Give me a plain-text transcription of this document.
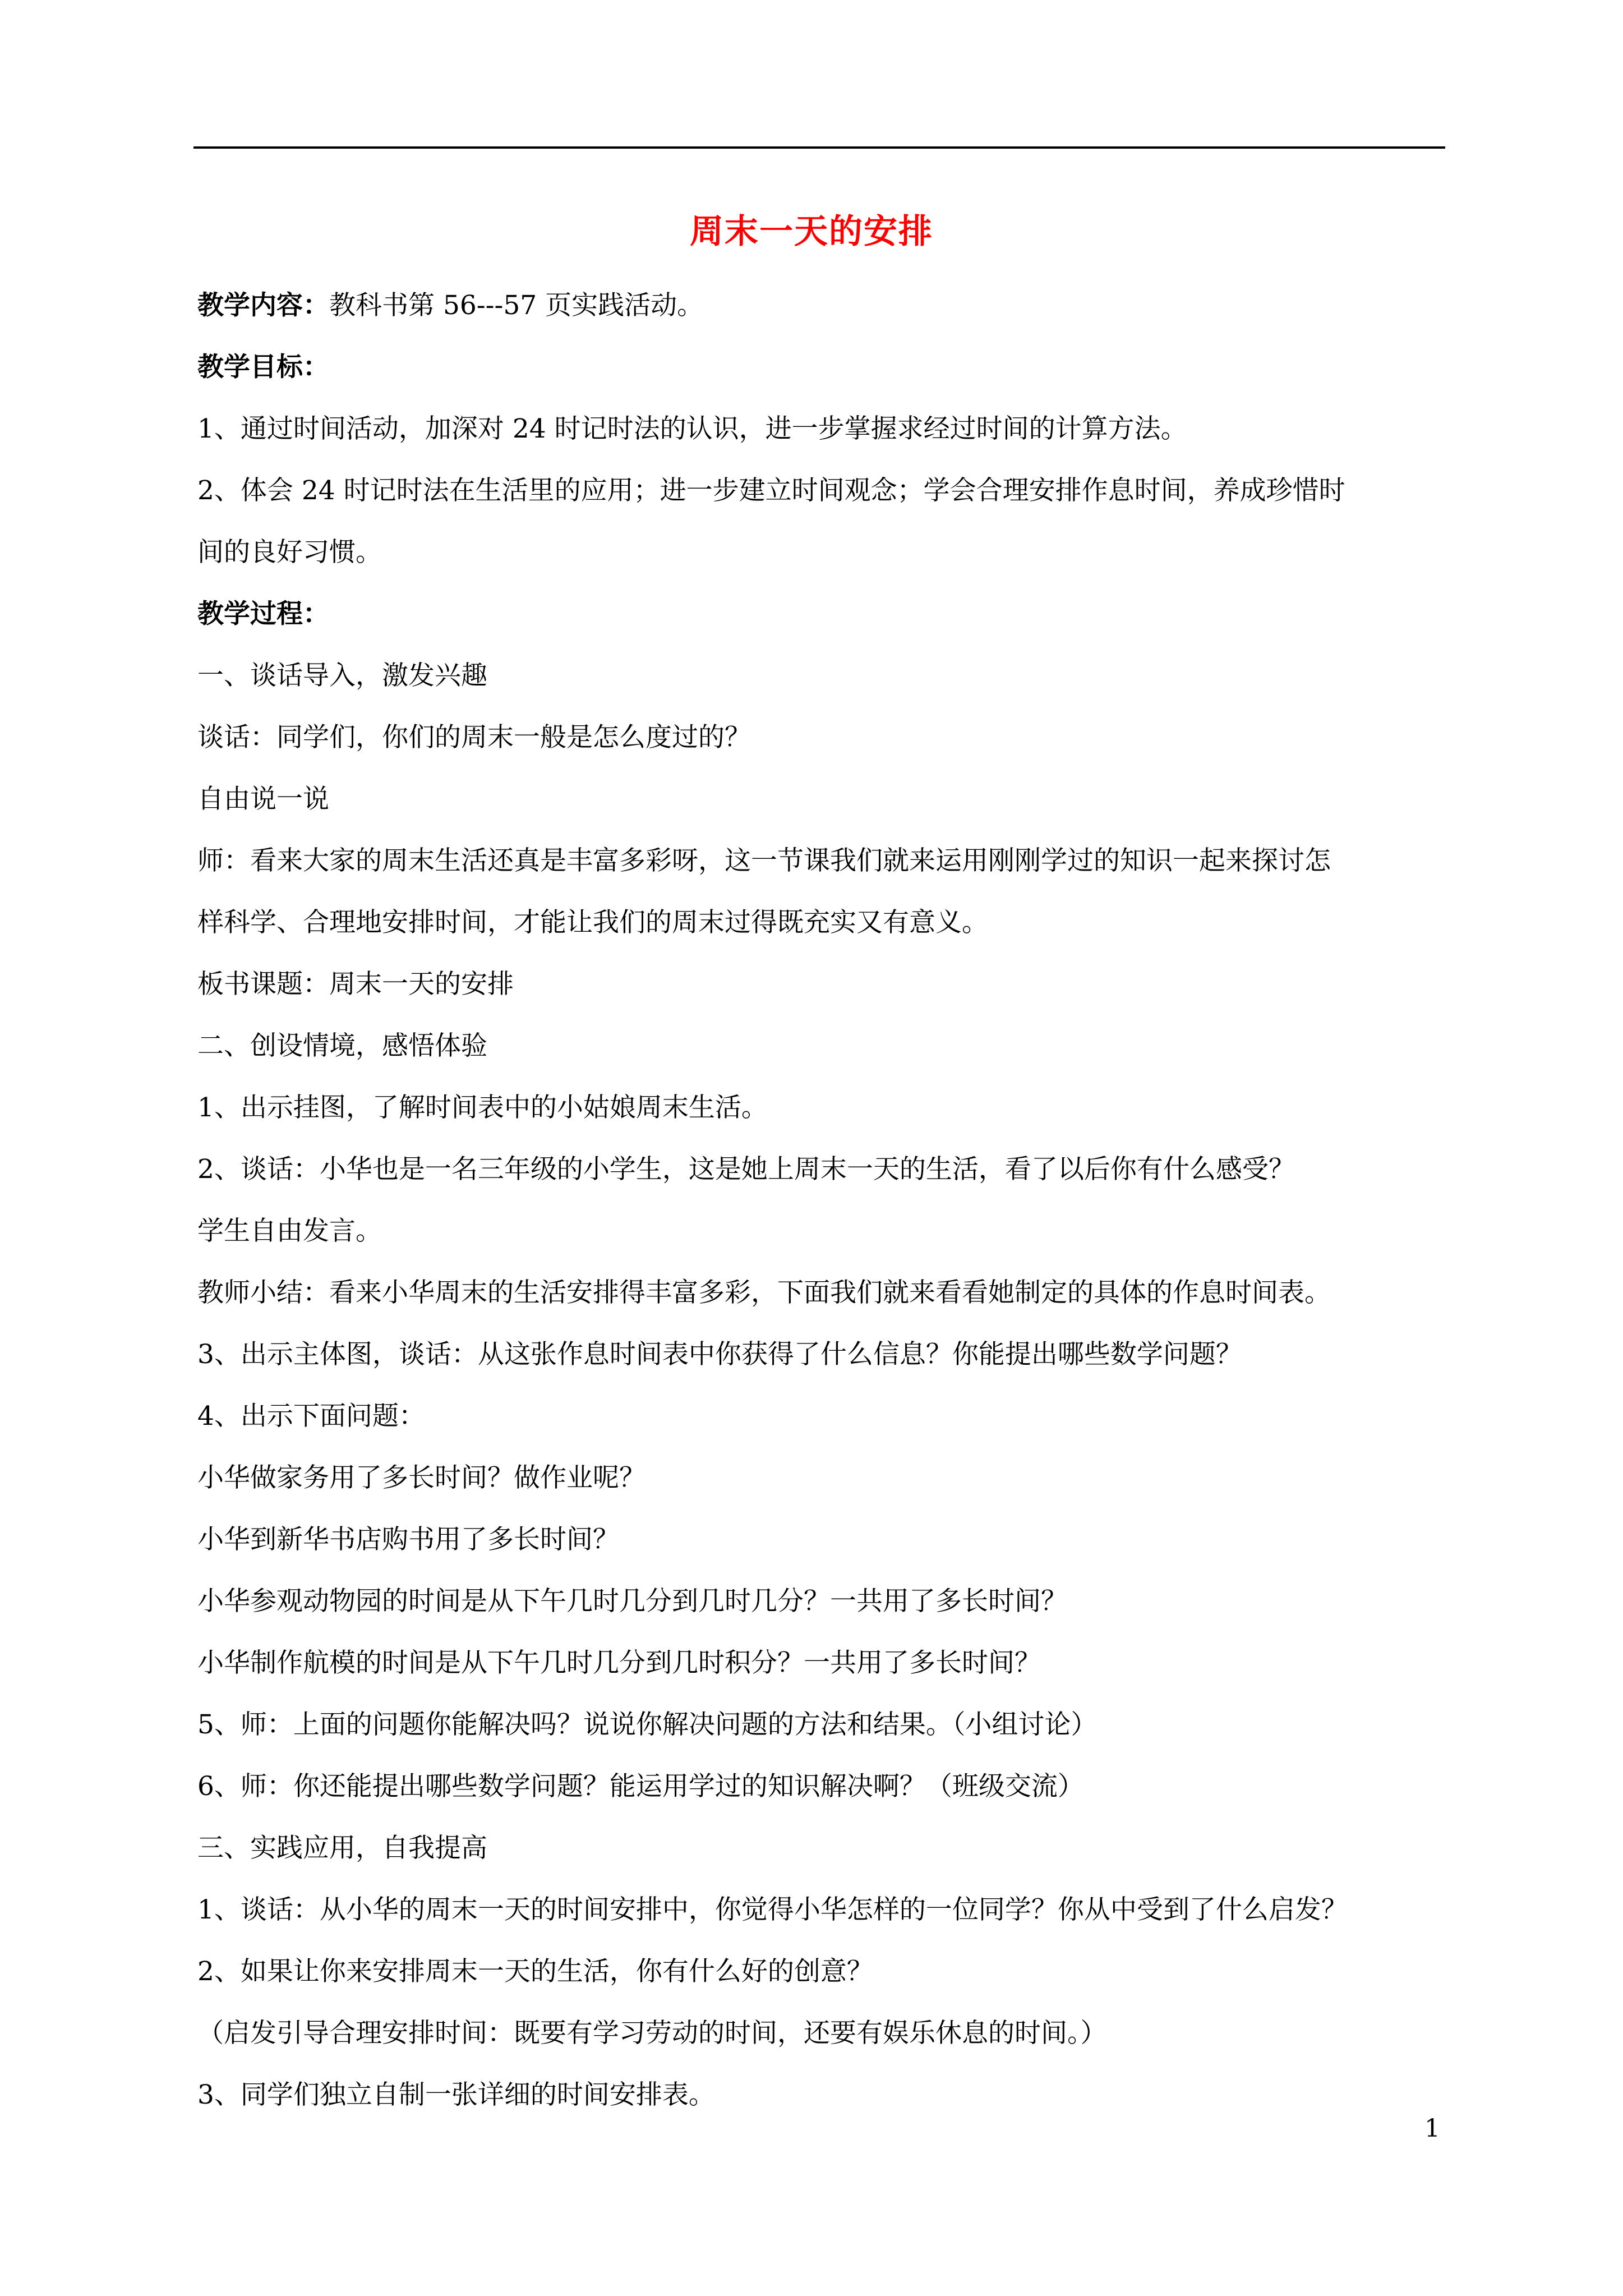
周末一天的安排
教学内容：教科书第 56---57 页实践活动。
教学目标：
1、通过时间活动，加深对 24 时记时法的认识，进一步掌握求经过时间的计算方法。
2、体会 24 时记时法在生活里的应用；进一步建立时间观念；学会合理安排作息时间，养成珍惜时
间的良好习惯。
教学过程：
一、谈话导入，激发兴趣
谈话：同学们，你们的周末一般是怎么度过的？
自由说一说
师：看来大家的周末生活还真是丰富多彩呀，这一节课我们就来运用刚刚学过的知识一起来探讨怎
样科学、合理地安排时间，才能让我们的周末过得既充实又有意义。
板书课题：周末一天的安排
二、创设情境，感悟体验
1、出示挂图，了解时间表中的小姑娘周末生活。
2、谈话：小华也是一名三年级的小学生，这是她上周末一天的生活，看了以后你有什么感受？
学生自由发言。
教师小结：看来小华周末的生活安排得丰富多彩，下面我们就来看看她制定的具体的作息时间表。
3、出示主体图，谈话：从这张作息时间表中你获得了什么信息？你能提出哪些数学问题？
4、出示下面问题：
小华做家务用了多长时间？做作业呢？
小华到新华书店购书用了多长时间？
小华参观动物园的时间是从下午几时几分到几时几分？一共用了多长时间？
小华制作航模的时间是从下午几时几分到几时积分？一共用了多长时间？
5、师：上面的问题你能解决吗？说说你解决问题的方法和结果。（小组讨论）
6、师：你还能提出哪些数学问题？能运用学过的知识解决啊？（班级交流）
三、实践应用，自我提高
1、谈话：从小华的周末一天的时间安排中，你觉得小华怎样的一位同学？你从中受到了什么启发？
2、如果让你来安排周末一天的生活，你有什么好的创意？
（启发引导合理安排时间：既要有学习劳动的时间，还要有娱乐休息的时间。）
3、同学们独立自制一张详细的时间安排表。
1
